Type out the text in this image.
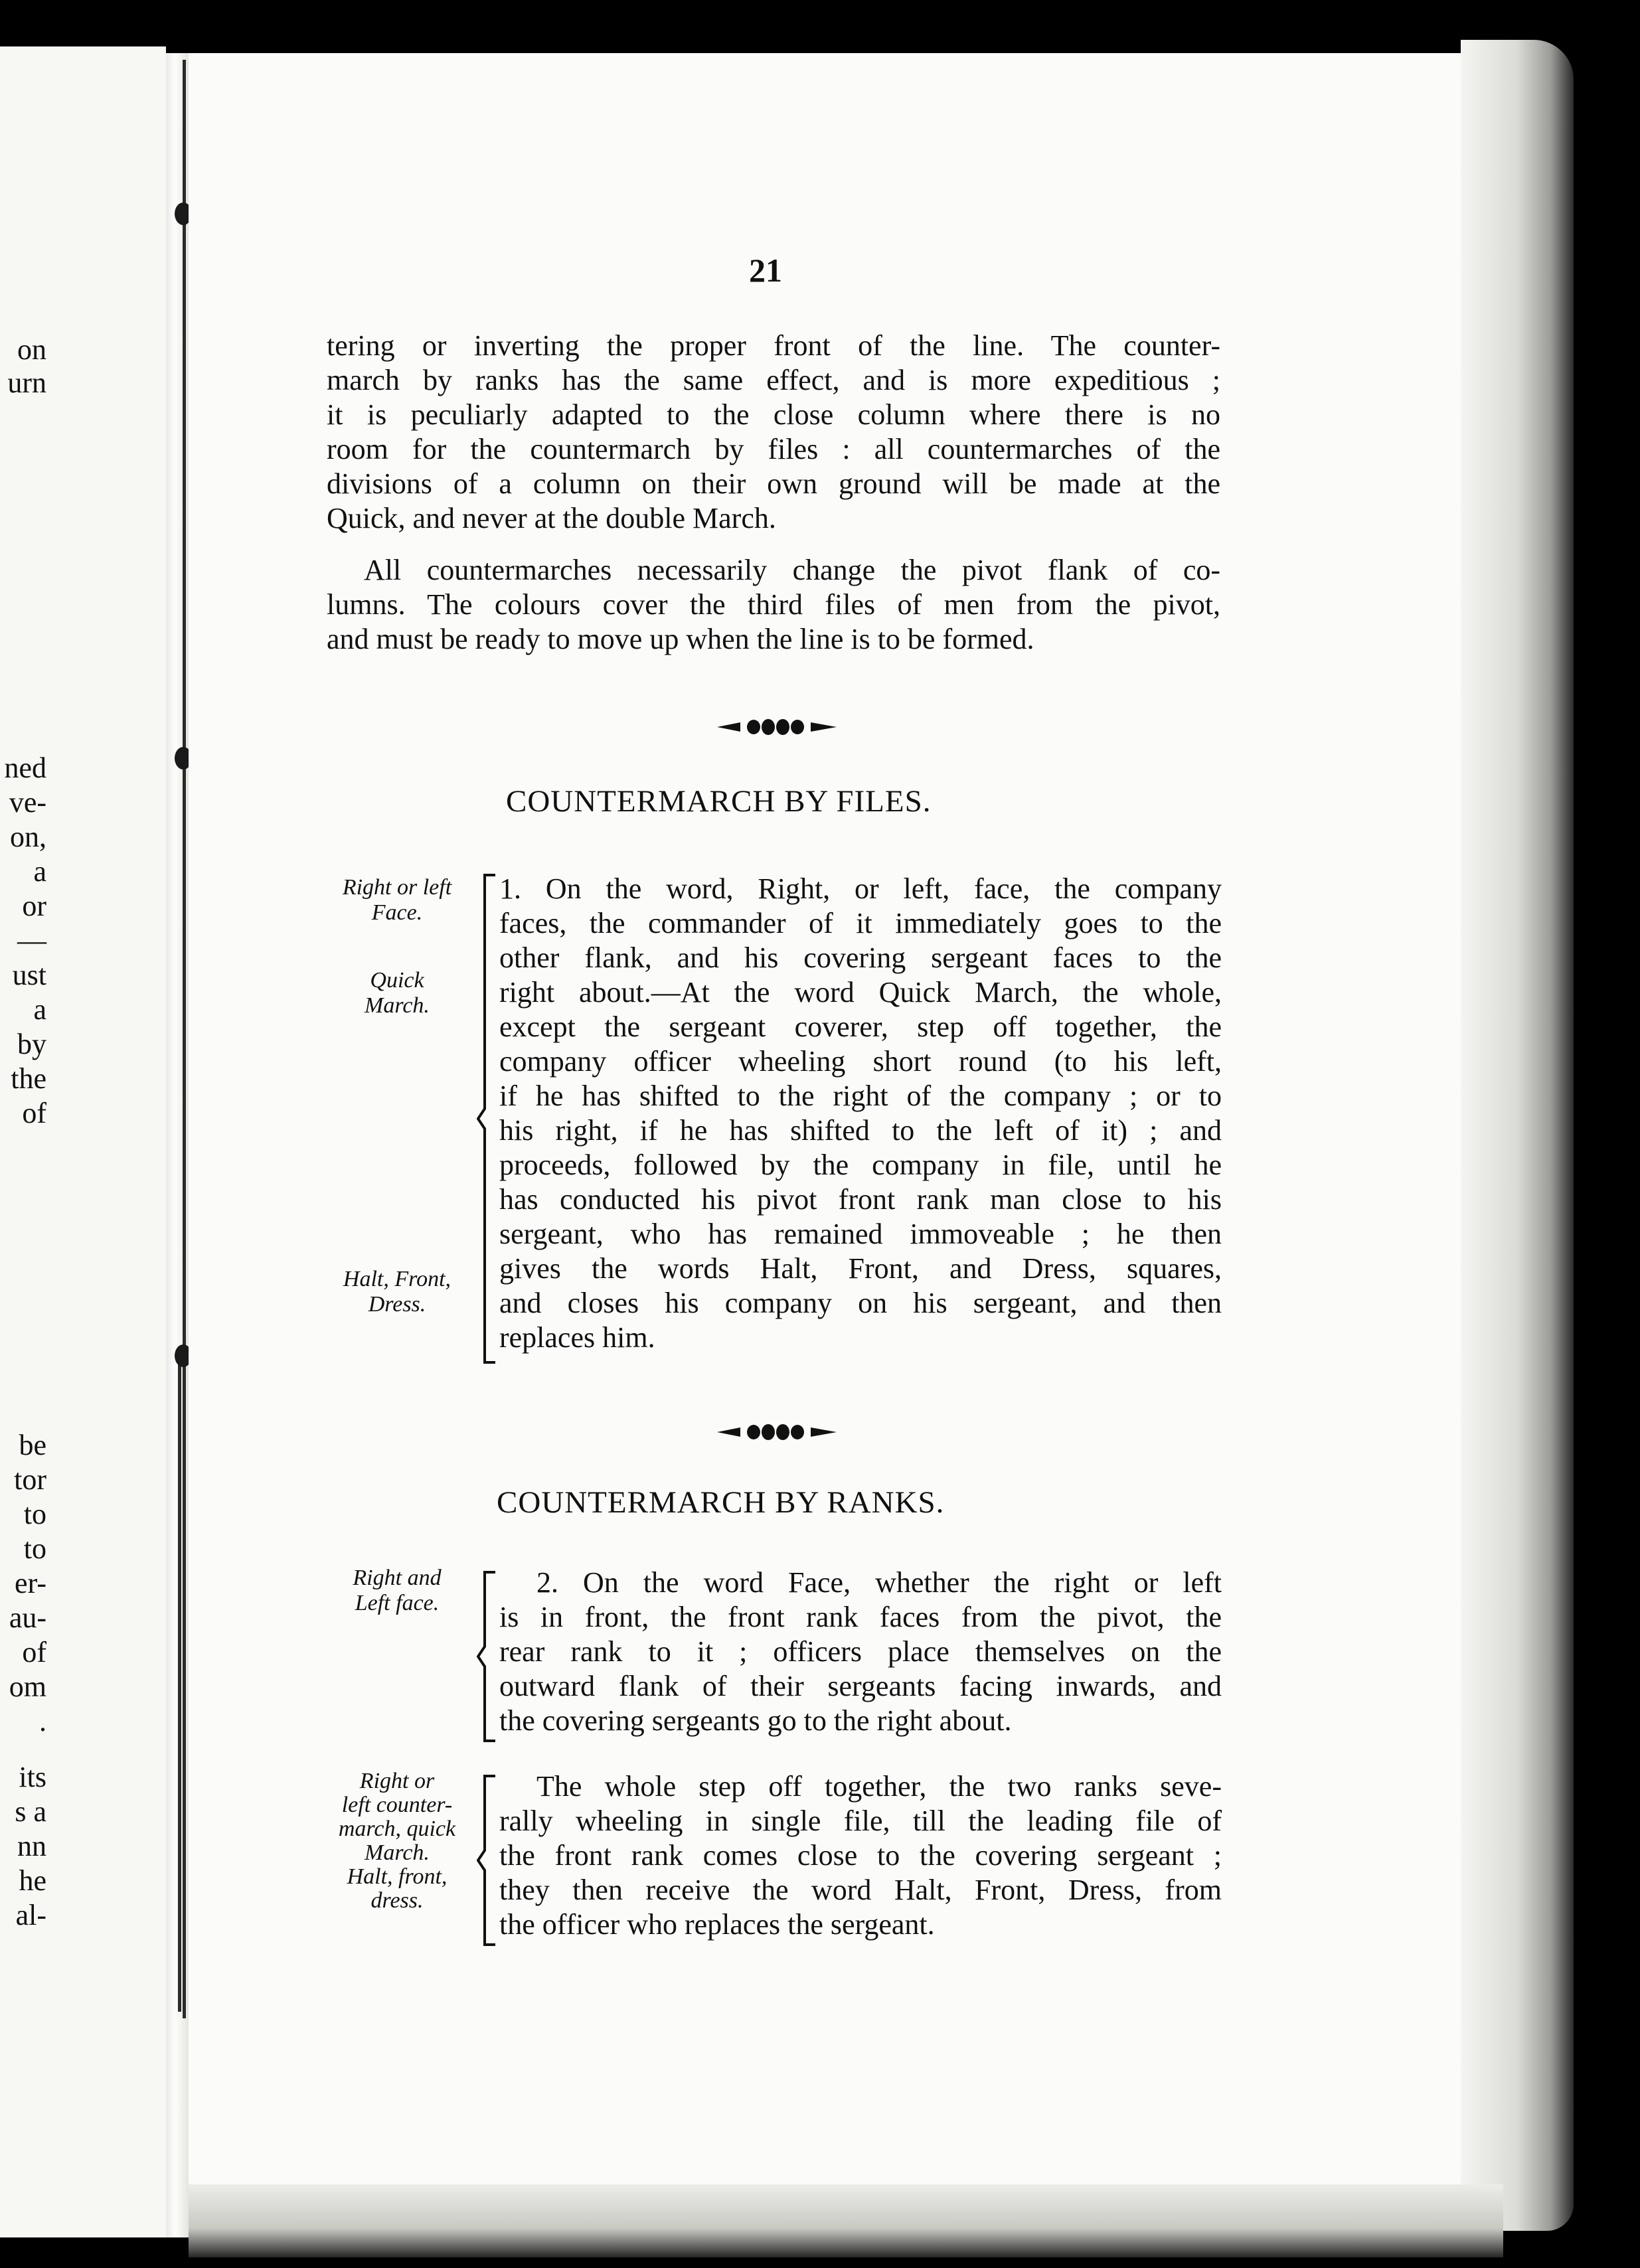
on
urn
ned
ve-
on,
a
or
—
ust
a
by
the
of
be
tor
to
to
er-
au-
of
om
.
its
s a
nn
he
al-
21
tering or inverting the proper front of the line. The counter-
march by ranks has the same effect, and is more expeditious ;
it is peculiarly adapted to the close column where there is no
room for the countermarch by files : all countermarches of the
divisions of a column on their own ground will be made at the
Quick, and never at the double March.
All countermarches necessarily change the pivot flank of co-
lumns. The colours cover the third files of men from the pivot,
and must be ready to move up when the line is to be formed.
COUNTERMARCH BY FILES.
Right or left
Face.
Quick
March.
Halt, Front,
Dress.
1. On the word, Right, or left, face, the company
faces, the commander of it immediately goes to the
other flank, and his covering sergeant faces to the
right about.—At the word Quick March, the whole,
except the sergeant coverer, step off together, the
company officer wheeling short round (to his left,
if he has shifted to the right of the company ; or to
his right, if he has shifted to the left of it) ; and
proceeds, followed by the company in file, until he
has conducted his pivot front rank man close to his
sergeant, who has remained immoveable ; he then
gives the words Halt, Front, and Dress, squares,
and closes his company on his sergeant, and then
replaces him.
COUNTERMARCH BY RANKS.
Right and
Left face.
2. On the word Face, whether the right or left
is in front, the front rank faces from the pivot, the
rear rank to it ; officers place themselves on the
outward flank of their sergeants facing inwards, and
the covering sergeants go to the right about.
Right or
left counter-
march, quick
March.
Halt, front,
dress.
The whole step off together, the two ranks seve-
rally wheeling in single file, till the leading file of
the front rank comes close to the covering sergeant ;
they then receive the word Halt, Front, Dress, from
the officer who replaces the sergeant.
